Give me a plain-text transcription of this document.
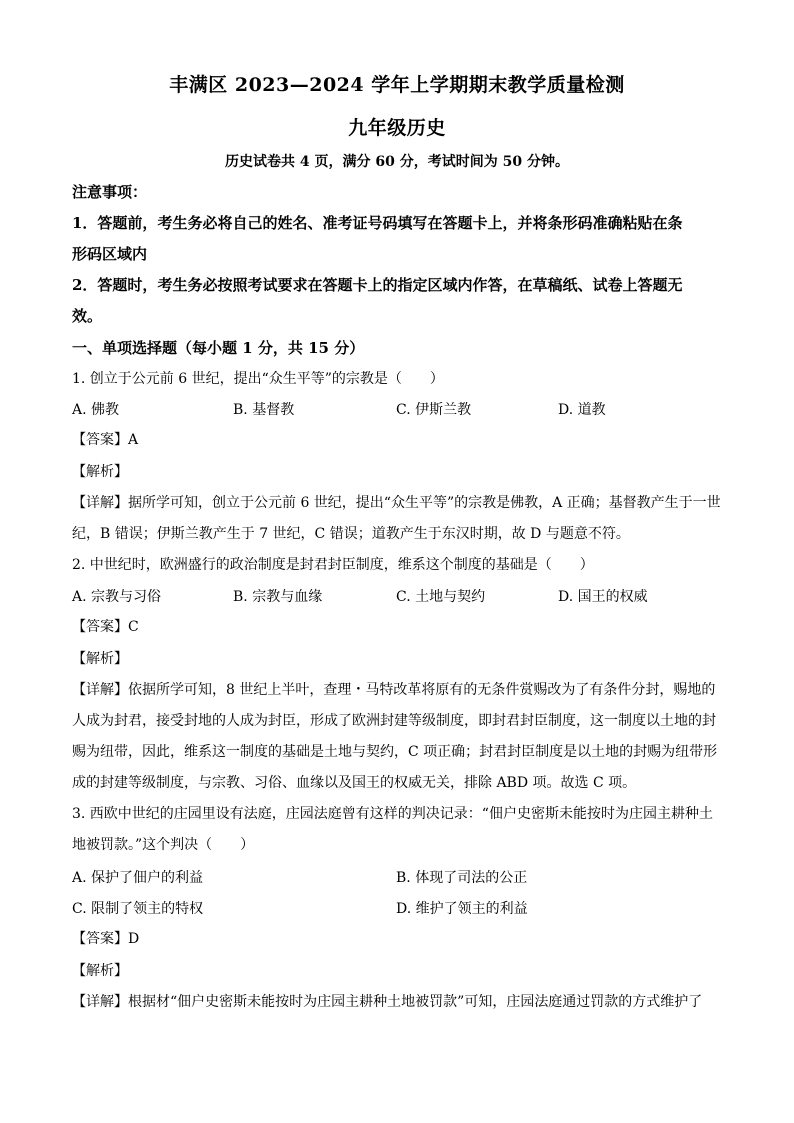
丰满区 2023—2024 学年上学期期末教学质量检测
九年级历史
历史试卷共 4 页，满分 60 分，考试时间为 50 分钟。
注意事项：
1．答题前，考生务必将自己的姓名、准考证号码填写在答题卡上，并将条形码准确粘贴在条
形码区域内
2．答题时，考生务必按照考试要求在答题卡上的指定区域内作答，在草稿纸、试卷上答题无
效。
一、单项选择题（每小题 1 分，共 15 分）
1. 创立于公元前 6 世纪，提出“众生平等”的宗教是（　　）
A. 佛教	B. 基督教	C. 伊斯兰教	D. 道教
【答案】A
【解析】
【详解】据所学可知，创立于公元前 6 世纪，提出“众生平等”的宗教是佛教，A 正确；基督教产生于一世
纪，B 错误；伊斯兰教产生于 7 世纪，C 错误；道教产生于东汉时期，故 D 与题意不符。
2. 中世纪时，欧洲盛行的政治制度是封君封臣制度，维系这个制度的基础是（　　）
A. 宗教与习俗	B. 宗教与血缘	C. 土地与契约	D. 国王的权威
【答案】C
【解析】
【详解】依据所学可知，8 世纪上半叶，查理・马特改革将原有的无条件赏赐改为了有条件分封，赐地的
人成为封君，接受封地的人成为封臣，形成了欧洲封建等级制度，即封君封臣制度，这一制度以土地的封
赐为纽带，因此，维系这一制度的基础是土地与契约，C 项正确；封君封臣制度是以土地的封赐为纽带形
成的封建等级制度，与宗教、习俗、血缘以及国王的权威无关，排除 ABD 项。故选 C 项。
3. 西欧中世纪的庄园里设有法庭，庄园法庭曾有这样的判决记录：“佃户史密斯未能按时为庄园主耕种土
地被罚款。”这个判决（　　）
A. 保护了佃户的利益	B. 体现了司法的公正
C. 限制了领主的特权	D. 维护了领主的利益
【答案】D
【解析】
【详解】根据材“佃户史密斯未能按时为庄园主耕种土地被罚款”可知，庄园法庭通过罚款的方式维护了
